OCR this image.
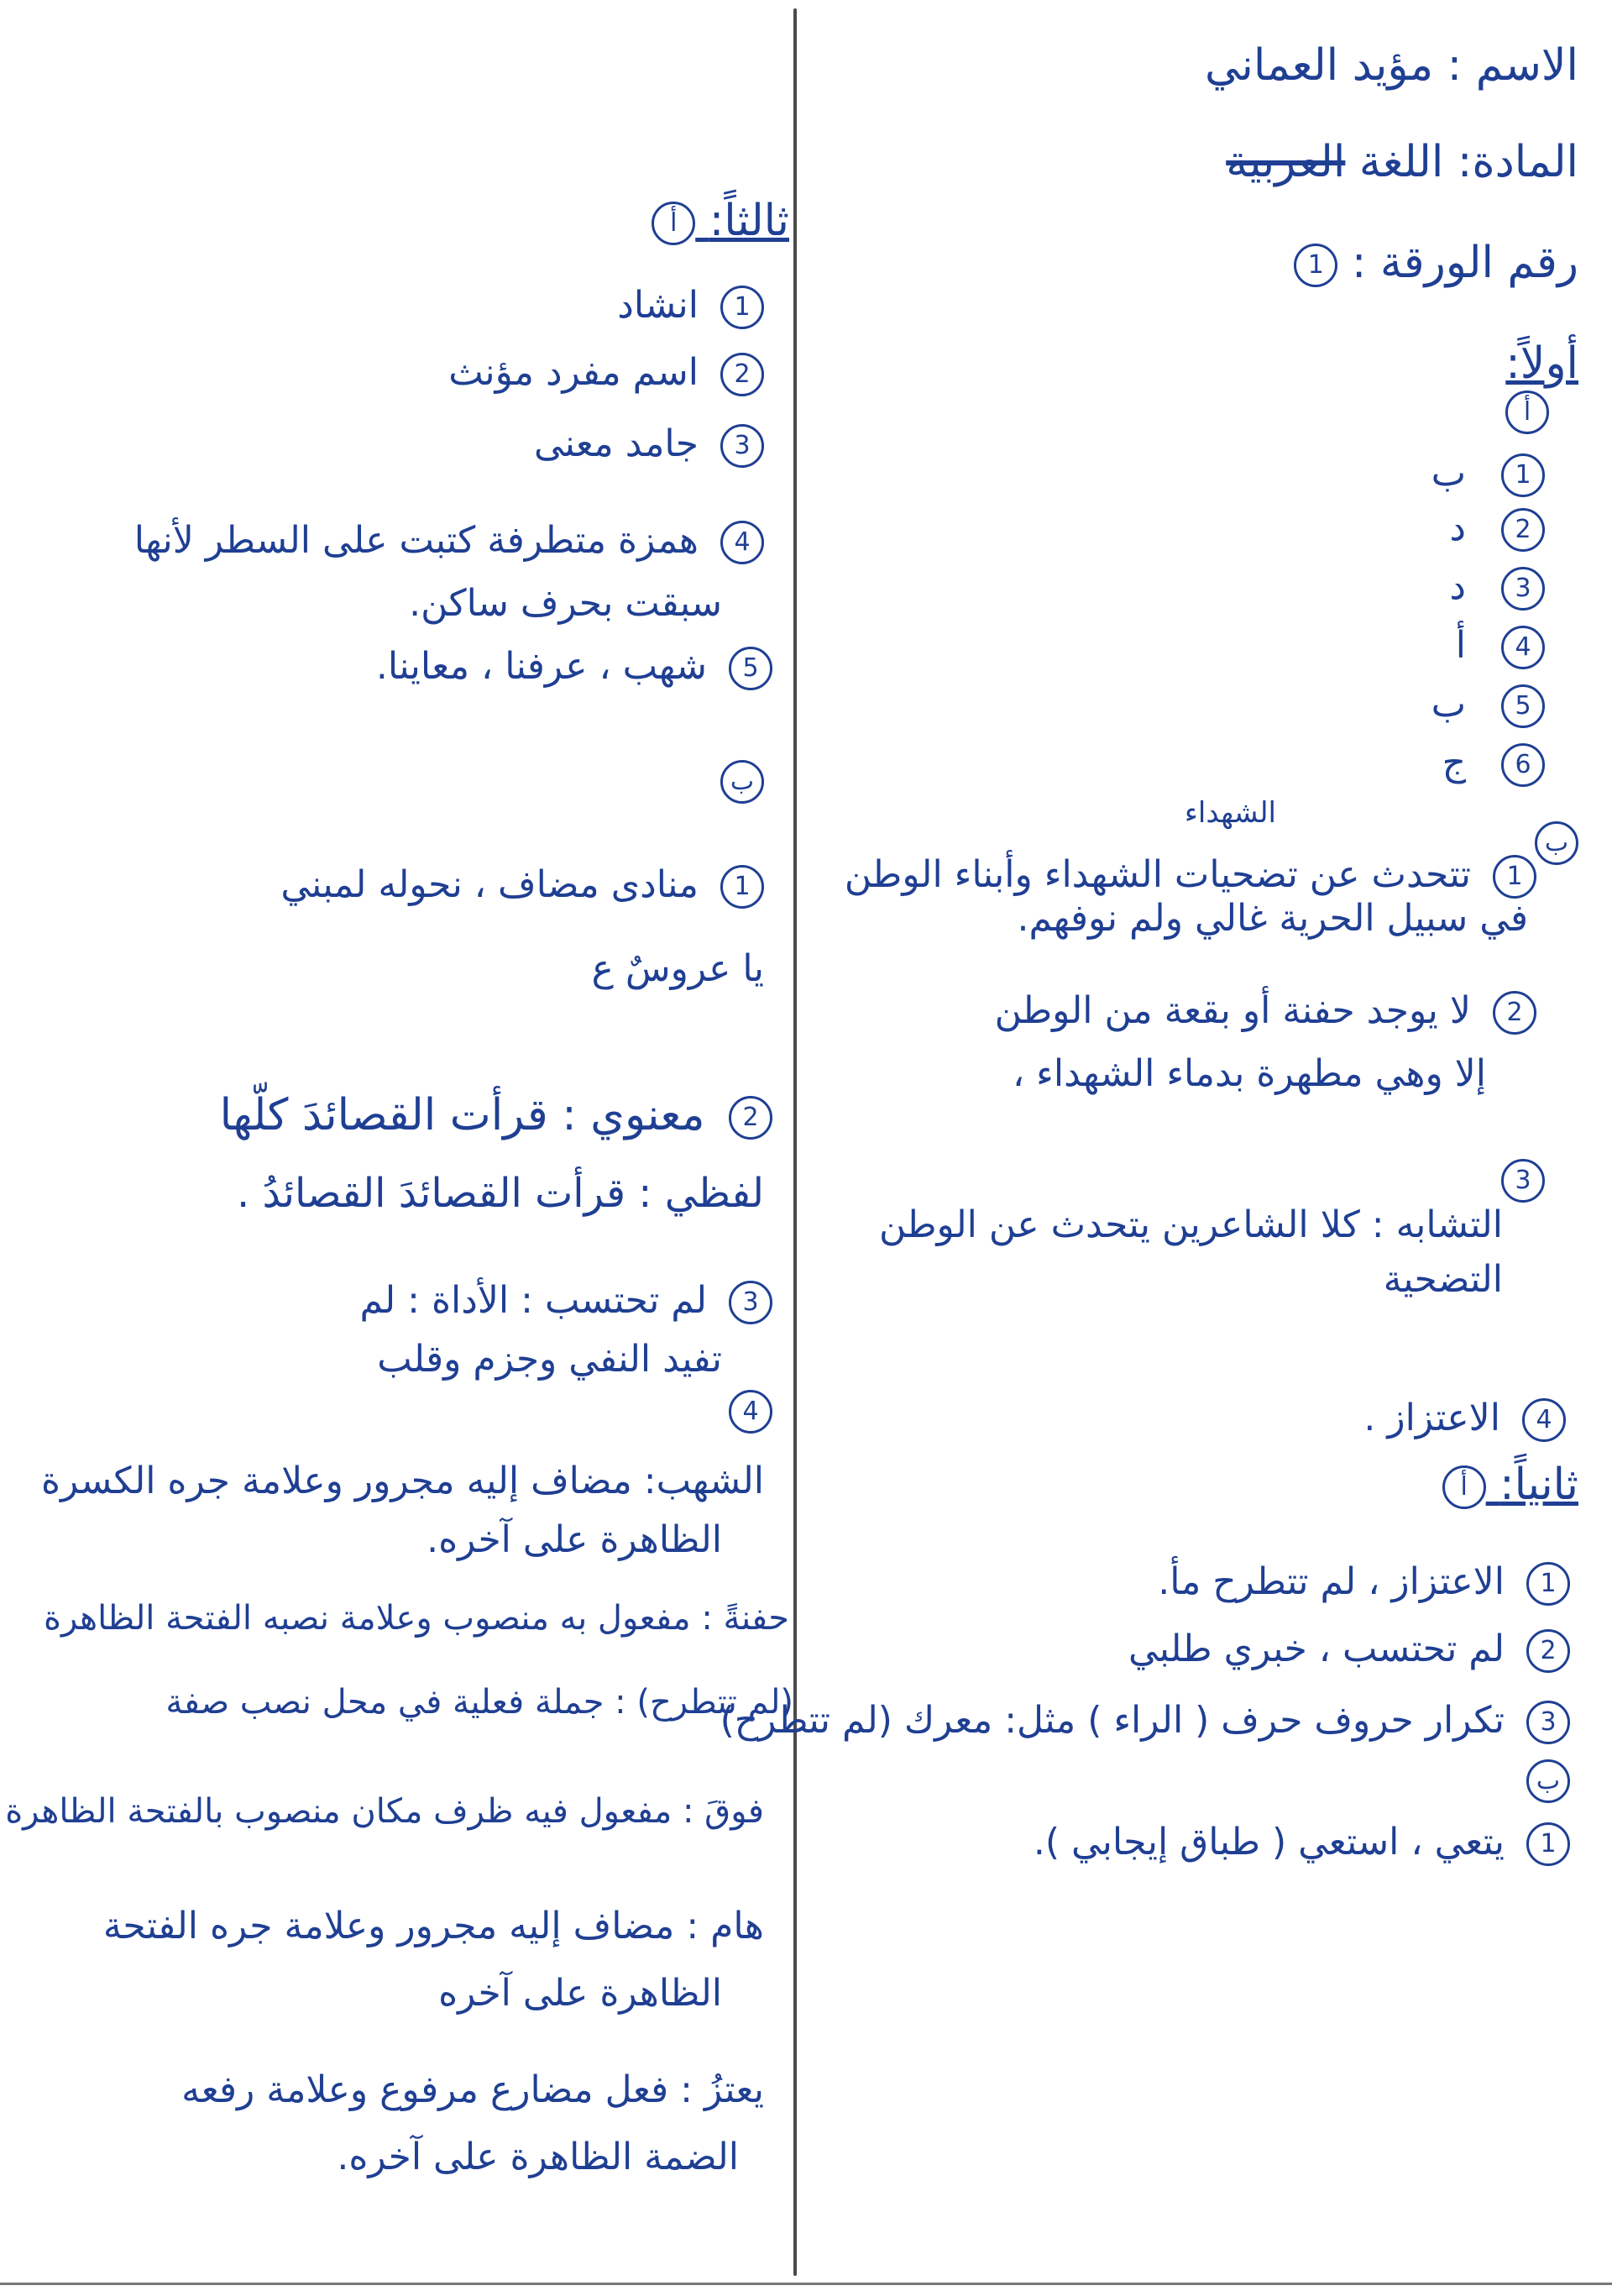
الاسم : مؤيد العماني
المادة: اللغة العربية
رقم الورقة : 1
أولاً:
أ
1ب
2د
3د
4أ
5ب
6ج
ب
الشهداء
1 تتحدث عن تضحيات الشهداء وأبناء الوطن
في سبيل الحرية غالي ولم نوفهم.
2 لا يوجد حفنة أو بقعة من الوطن
إلا وهي مطهرة بدماء الشهداء ،
3
التشابه : كلا الشاعرين يتحدث عن الوطن
التضحية
4 الاعتزاز .
ثانياً: أ
1 الاعتزاز ، لم تتطرح مأ.
2 لم تحتسب ، خبري طلبي
3 تكرار حروف حرف ( الراء ) مثل: معرك (لم تتطرح)
ب
1 يتعي ، استعي ( طباق إيجابي ).
ثالثاً: أ
1 انشاد
2 اسم مفرد مؤنث
3 جامد معنى
4 همزة متطرفة كتبت على السطر لأنها
سبقت بحرف ساكن.
5 شهب ، عرفنا ، معاينا.
ب
1 منادى مضاف ، نحوله لمبني
يا عروسٌ ع
2 معنوي : قرأت القصائدَ كلّها
لفظي : قرأت القصائدَ القصائدُ .
3 لم تحتسب : الأداة : لم
تفيد النفي وجزم وقلب
4
الشهب: مضاف إليه مجرور وعلامة جره الكسرة
الظاهرة على آخره.
حفنةً : مفعول به منصوب وعلامة نصبه الفتحة الظاهرة
(لم تتطرح) : جملة فعلية في محل نصب صفة
فوقَ : مفعول فيه ظرف مكان منصوب بالفتحة الظاهرة
هام : مضاف إليه مجرور وعلامة جره الفتحة
الظاهرة على آخره
يعتزُ : فعل مضارع مرفوع وعلامة رفعه
الضمة الظاهرة على آخره.
